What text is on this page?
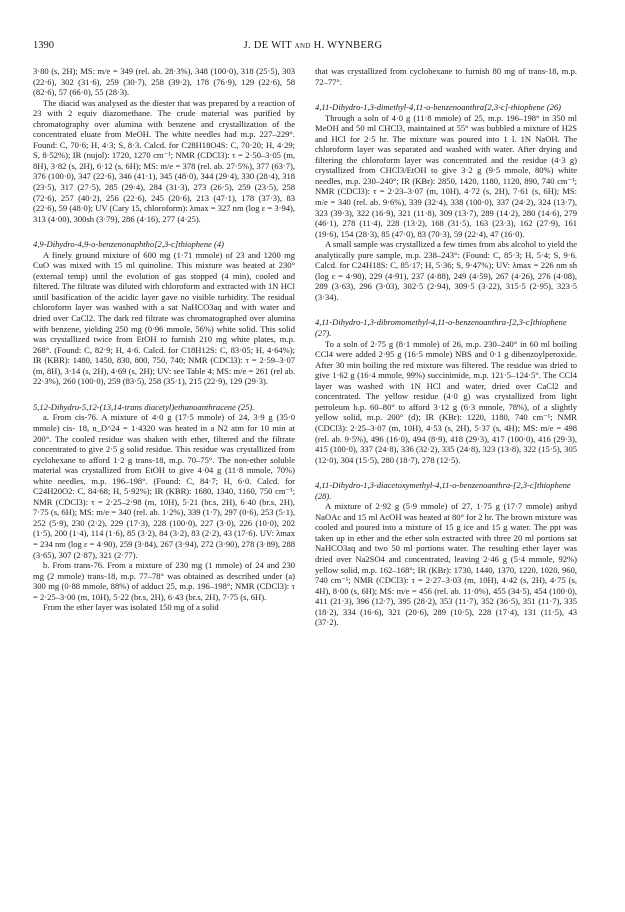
1390	J. DE WIT and H. WYNBERG

3·80 (s, 2H); MS: m/e = 349 (rel. ab. 28·3%), 348 (100·0), 318 (25·5), 303 (22·6), 302 (31·6), 259 (30·7), 258 (39·2), 178 (76·9), 129 (22·6), 58 (82·6), 57 (66·0), 55 (28·3).

The diacid was analysed as the diester that was prepared by a reaction of 23 with 2 equiv diazomethane. The crude material was purified by chromatography over alumina with benzene and crystallization of the concentrated eluate from MeOH. The white needles had m.p. 227–229°. Found: C, 70·6; H, 4·3; S, 8·3. Calcd. for C28H18O4S: C, 70·20; H, 4·29; S, 8·52%); IR (nujol): 1720, 1270 cm⁻¹; NMR (CDCl3): τ = 2·50–3·05 (m, 8H), 3·82 (s, 2H), 6·12 (s, 6H); MS: m/e = 378 (rel. ab. 27·5%), 377 (63·7), 376 (100·0), 347 (22·6), 346 (41·1), 345 (48·0), 344 (29·4), 330 (28·4), 318 (23·5), 317 (27·5), 285 (29·4), 284 (31·3), 273 (26·5), 259 (23·5), 258 (72·6), 257 (40·2), 256 (22·6), 245 (20·6), 213 (47·1), 178 (37·3), 83 (22·6), 59 (48·0); UV (Cary 15, chloroform): λmax = 327 nm (log ε = 3·94), 313 (4·00), 300sh (3·79), 286 (4·16), 277 (4·25).

4,9-Dihydro-4,9-o-benzenonaphtho[2,3-c]thiophene (4)

A finely ground mixture of 600 mg (1·71 mmole) of 23 and 1200 mg CuO was mixed with 15 ml quinoline. This mixture was heated at 230° (external temp) until the evolution of gas stopped (4 min), cooled and filtered. The filtrate was diluted with chloroform and extracted with 1N HCl until basification of the acidic layer gave no visible turbidity. The residual chloroform layer was washed with a sat NaHCO3aq and with water and dried over CaCl2. The dark red filtrate was chromatographed over alumina with benzene, yielding 250 mg (0·96 mmole, 56%) white solid. This solid was crystallized twice from EtOH to furnish 210 mg white plates, m.p. 268°. (Found: C, 82·9; H, 4·6. Calcd. for C18H12S: C, 83·05; H, 4·64%); IR (KBR): 1480, 1450, 830, 800, 750, 740; NMR (CDCl3): τ = 2·59–3·07 (m, 8H), 3·14 (s, 2H), 4·69 (s, 2H); UV: see Table 4; MS: m/e = 261 (rel ab. 22·3%), 260 (100·0), 259 (83·5), 258 (35·1), 215 (22·9), 129 (29·3).

5,12-Dihydro-5,12-(13,14-trans diacetyl)ethanoanthracene (25).

a. From cis-76. A mixture of 4·0 g (17·5 mmole) of 24, 3·9 g (35·0 mmole) cis- 18, n_D^24 = 1·4320 was heated in a N2 atm for 10 min at 200°. The cooled residue was shaken with ether, filtered and the filtrate concentrated to give 2·5 g solid residue. This residue was crystallized from cyclohexane to afford 1·2 g trans-18, m.p. 70–75°. The non-ether soluble material was crystallized from EtOH to give 4·04 g (11·8 mmole, 70%) white needles, m.p. 196–198°. (Found: C, 84·7; H, 6·0. Calcd. for C24H20O2: C, 84·68; H, 5·92%); IR (KBR): 1680, 1340, 1160, 750 cm⁻¹; NMR (CDCl3): τ = 2·25–2·98 (m, 10H), 5·21 (br.s, 2H), 6·40 (br.s, 2H), 7·75 (s, 6H); MS: m/e = 340 (rel. ab. 1·2%), 339 (1·7), 297 (0·6), 253 (5·1), 252 (5·9), 230 (2·2), 229 (17·3), 228 (100·0), 227 (3·0), 226 (10·0), 202 (1·5), 200 (1·4), 114 (1·6), 85 (3·2), 84 (3·2), 83 (2·2), 43 (17·6). UV: λmax = 234 nm (log ε = 4·90), 259 (3·84), 267 (3·94), 272 (3·90), 278 (3·89), 288 (3·65), 307 (2·87), 321 (2·77).

b. From trans-76. From a mixture of 230 mg (1 mmole) of 24 and 230 mg (2 mmole) trans-18, m.p. 77–78° was obtained as described under (a) 300 mg (0·88 mmole, 88%) of adduct 25, m.p. 196–198°; NMR (CDCl3): τ = 2·25–3·00 (m, 10H), 5·22 (br.s, 2H), 6·43 (br.s, 2H), 7·75 (s, 6H).

From the ether layer was isolated 150 mg of a solid

that was crystallized from cyclohexane to furnish 80 mg of trans-18, m.p. 72–77°.

4,11-Dihydro-1,3-dimethyl-4,11-o-benzenoanthra[2,3-c]-thiophene (26)

Through a soln of 4·0 g (11·8 mmole) of 25, m.p. 196–198° in 350 ml MeOH and 50 ml CHCl3, maintained at 55° was bubbled a mixture of H2S and HCl for 2·5 hr. The mixture was poured into 1 l. 1N NaOH. The chloroform layer was separated and washed with water. After drying and filtering the chloroform layer was concentrated and the residue (4·3 g) crystallized from CHCl3/EtOH to give 3·2 g (9·5 mmole, 80%) white needles, m.p. 230–240°; IR (KBr): 2850, 1420, 1180, 1120, 890, 740 cm⁻¹; NMR (CDCl3): τ = 2·23–3·07 (m, 10H), 4·72 (s, 2H), 7·61 (s, 6H); MS: m/e = 340 (rel. ab. 9·6%), 339 (32·4), 338 (100·0), 337 (24·2), 324 (13·7), 323 (39·3), 322 (16·9), 321 (11·8), 309 (13·7), 289 (14·2), 280 (14·6), 279 (46·1), 278 (11·4), 228 (13·2), 168 (31·5), 163 (23·3), 162 (27·9), 161 (19·6), 154 (28·3), 85 (47·0), 83 (70·3), 59 (22·4), 47 (16·0).

A small sample was crystallized a few times from abs alcohol to yield the analytically pure sample, m.p. 238–243°: (Found: C, 85·3; H, 5·4; S, 9·6. Calcd. for C24H18S: C, 85·17; H, 5·36; S, 9·47%); UV: λmax = 226 nm sh (log ε = 4·90), 229 (4·91), 237 (4·88), 249 (4·59), 267 (4·26), 276 (4·08), 289 (3·63), 296 (3·03), 302·5 (2·94), 309·5 (3·22), 315·5 (2·95), 323·5 (3·34).

4,11-Dihydro-1,3-dibromomethyl-4,11-o-benzenoanthra-[2,3-c]thiophene (27).

To a soln of 2·75 g (8·1 mmole) of 26, m.p. 230–240° in 60 ml boiling CCl4 were added 2·95 g (16·5 mmole) NBS and 0·1 g dibenzoylperoxide. After 30 min boiling the red mixture was filtered. The residue was dried to give 1·62 g (16·4 mmole, 99%) succinimide, m.p. 121·5–124·5°. The CCl4 layer was washed with 1N HCl and water, dried over CaCl2 and concentrated. The yellow residue (4·0 g) was crystallized from light petroleum b.p. 60–80° to afford 3·12 g (6·3 mmole, 78%), of a slightly yellow solid, m.p. 200° (d); IR (KBr): 1220, 1180, 740 cm⁻¹; NMR (CDCl3): 2·25–3·07 (m, 10H), 4·53 (s, 2H), 5·37 (s, 4H); MS: m/e = 498 (rel. ab. 9·5%), 496 (16·0), 494 (8·9), 418 (29·3), 417 (100·0), 416 (29·3), 415 (100·0), 337 (24·8), 336 (32·2), 335 (24·8), 323 (13·8), 322 (15·5), 305 (12·0), 304 (15·5), 280 (18·7), 278 (12·5).

4,11-Dihydro-1,3-diacetoxymethyl-4,11-o-benzenoanthra-[2,3-c]thiophene (28).

A mixture of 2·92 g (5·9 mmole) of 27, 1·75 g (17·7 mmole) anhyd NaOAc and 15 ml AcOH was heated at 80° for 2 hr. The brown mixture was cooled and poured into a mixture of 15 g ice and 15 g water. The ppt was taken up in ether and the ether soln extracted with three 20 ml portions sat NaHCO3aq and two 50 ml portions water. The resulting ether layer was dried over Na2SO4 and concentrated, leaving 2·46 g (5·4 mmole, 92%) yellow solid, m.p. 162–168°; IR (KBr): 1730, 1440, 1370, 1220, 1020, 960, 740 cm⁻¹; NMR (CDCl3): τ = 2·27–3·03 (m, 10H), 4·42 (s, 2H), 4·75 (s, 4H), 8·00 (s, 6H); MS: m/e = 456 (rel. ab. 11·0%), 455 (34·5), 454 (100·0), 411 (21·3), 396 (12·7), 395 (28·2), 353 (11·7), 352 (36·5), 351 (11·7), 335 (18·2), 334 (16·6), 321 (20·6), 289 (10·5), 228 (17·4), 131 (11·5), 43 (37·2).
